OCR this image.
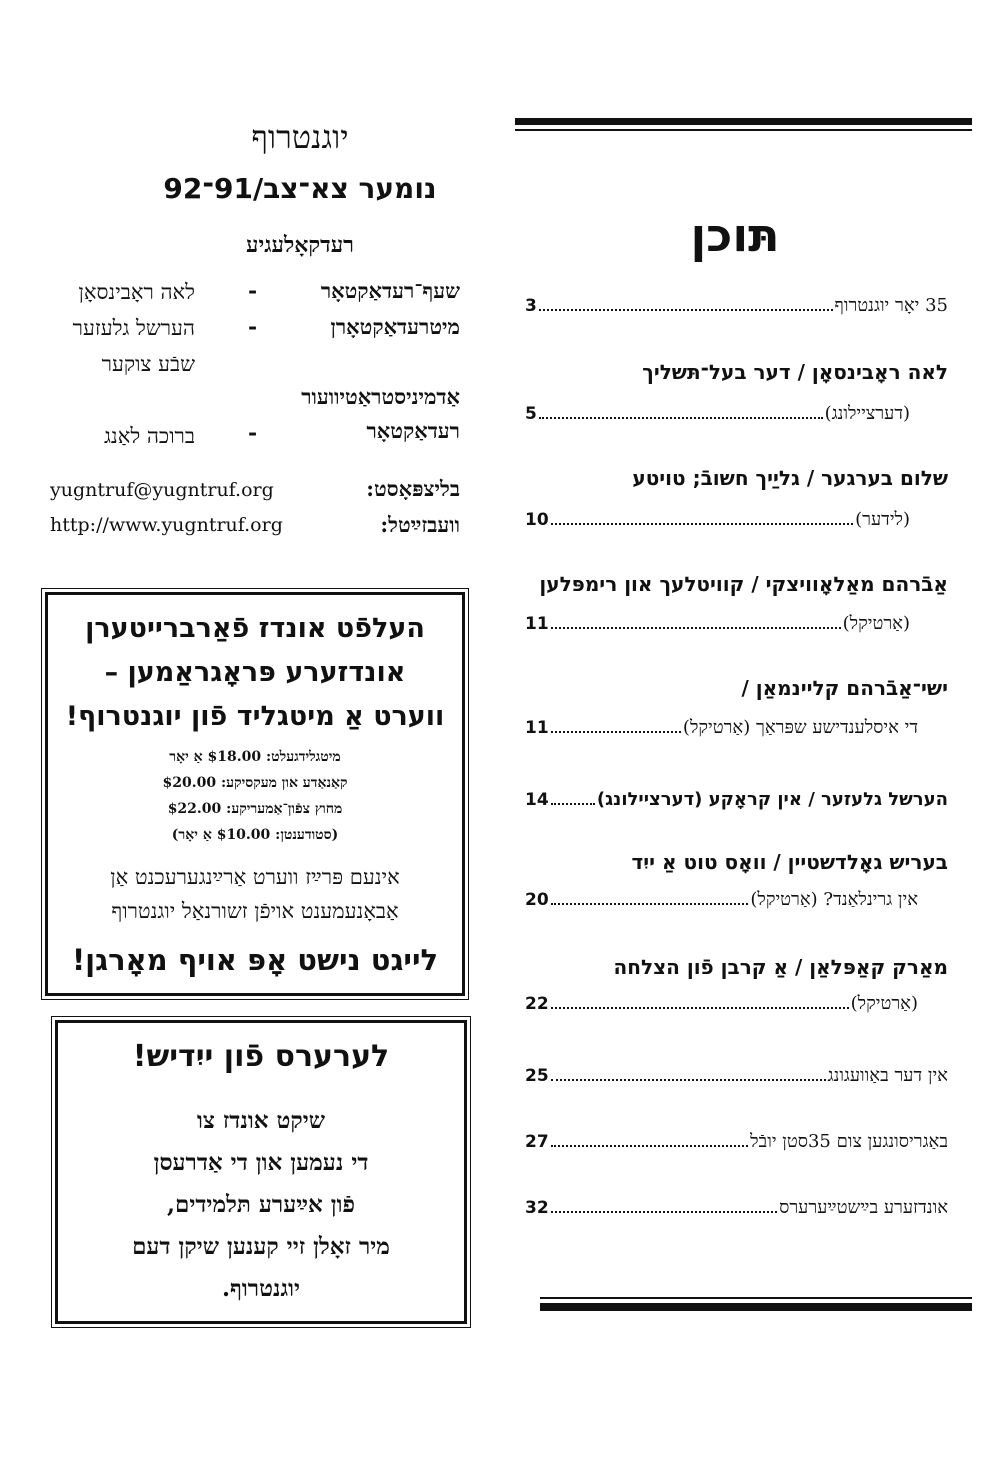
יוגנטרוף
נומער צא־צב/91־92
רעדקאָלעגיע
שעף־רעדאַקטאָר
-
לאה ראָבינסאָן
מיטרעדאַקטאָרן
-
הערשל גלעזער
שבֿע צוקער
אַדמיניסטראַטיוועור
רעדאַקטאָר
-
ברוכה לאַנג
בליצפּאָסט:
yugntruf@yugntruf.org
וועבזײַטל:
http://www.yugntruf.org
העלפֿט אונדז פֿאַרברייטערן
אונדזערע פּראָגראַמען –
ווערט אַ מיטגליד פֿון יוגנטרוף!
מיטגלידגעלט: $18.00 אַ יאָר
קאַנאַדע און מעקסיקע: $20.00
מחוץ צפֿון־אַמעריקע: $22.00
(סטודענטן: $10.00 אַ יאָר)
אינעם פּרײַז ווערט אַרײַנגערעכנט אַן
אַבאָנעמענט אויפֿן זשורנאַל יוגנטרוף
לייגט נישט אָפּ אויף מאָרגן!
לערערס פֿון ייִדיש!
שיקט אונדז צו
די נעמען און די אַדרעסן
פֿון אײַערע תּלמידים,
מיר זאָלן זיי קענען שיקן דעם
יוגנטרוף.
תּוכן
35 יאָר יוגנטרוף
3
לאה ראָבינסאָן / דער בעל־תּשליך
(דערציילונג)
5
שלום בערגער / גליַיך חשובֿ; טויטע
(לידער)
10
אַבֿרהם מאַלאָוויצקי / קוויטלעך און רימפּלען
(אַרטיקל)
11
ישי־אַבֿרהם קליינמאַן /
די איסלענדישע שפּראַך (אַרטיקל)
11
הערשל גלעזער / אין קראָקע (דערציילונג)
14
בעריש גאָלדשטיין / וואָס טוט אַ ייִד
אין גרינלאַנד? (אַרטיקל)
20
מאַרק קאַפּלאַן / אַ קרבן פֿון הצלחה
(אַרטיקל)
22
אין דער באַוועגונג
25
באַגריסונגען צום 35סטן יובֿל
27
אונדזערע בײַשטײַערערס
32
